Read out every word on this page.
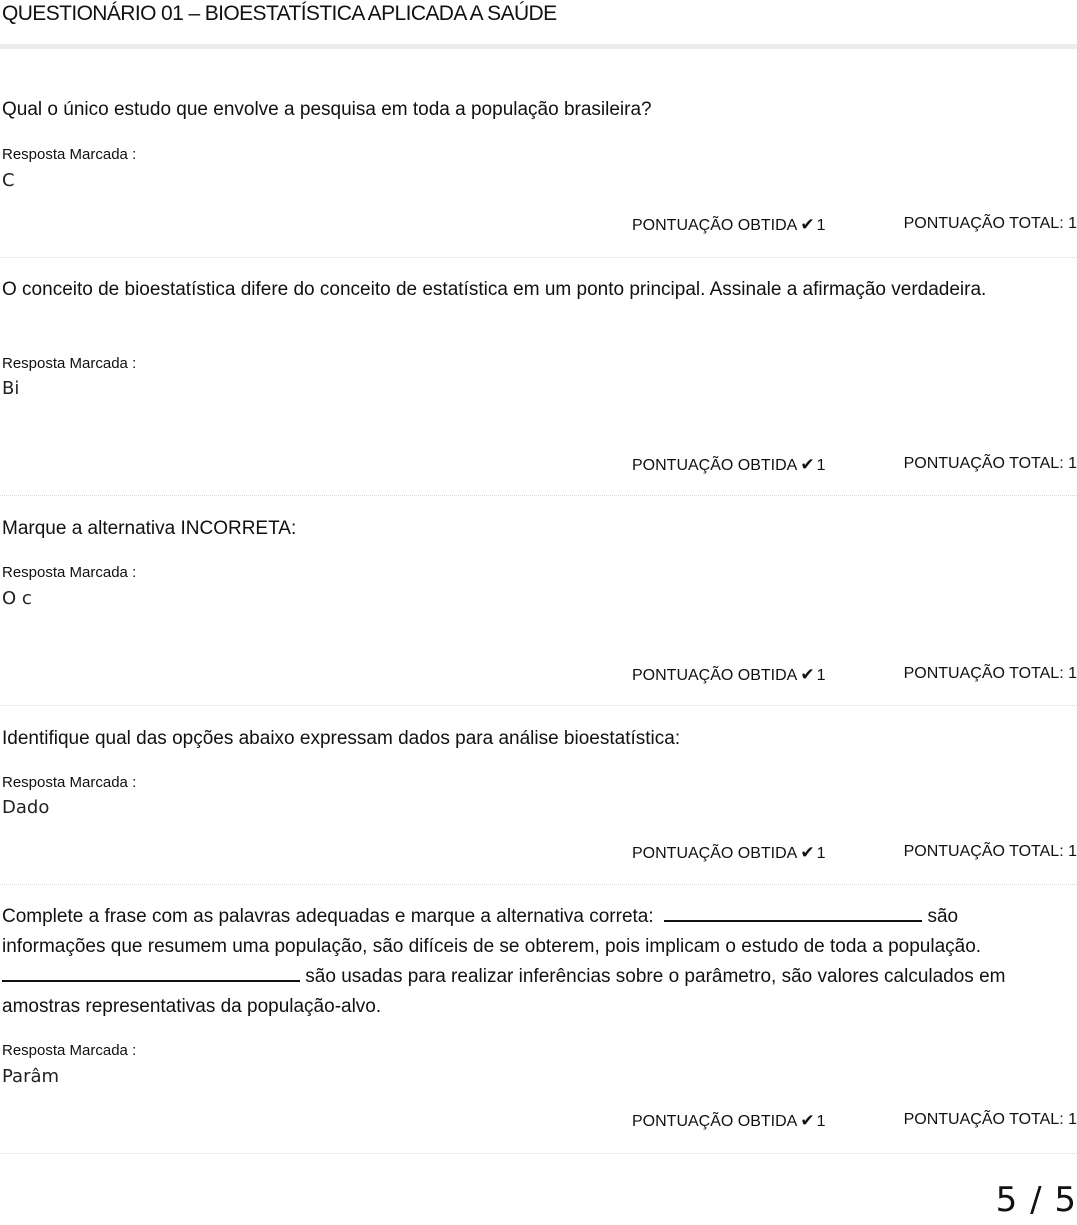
QUESTIONÁRIO 01 – BIOESTATÍSTICA APLICADA A SAÚDE
Qual o único estudo que envolve a pesquisa em toda a população brasileira?
Resposta Marcada :
C
PONTUAÇÃO OBTIDA ✔ 1	PONTUAÇÃO TOTAL: 1
O conceito de bioestatística difere do conceito de estatística em um ponto principal. Assinale a afirmação verdadeira.
Resposta Marcada :
Bi
PONTUAÇÃO OBTIDA ✔ 1	PONTUAÇÃO TOTAL: 1
Marque a alternativa INCORRETA:
Resposta Marcada :
O c
PONTUAÇÃO OBTIDA ✔ 1	PONTUAÇÃO TOTAL: 1
Identifique qual das opções abaixo expressam dados para análise bioestatística:
Resposta Marcada :
Dado
PONTUAÇÃO OBTIDA ✔ 1	PONTUAÇÃO TOTAL: 1
Complete a frase com as palavras adequadas e marque a alternativa correta:	são informações que resumem uma população, são difíceis de se obterem, pois implicam o estudo de toda a população.  são usadas para realizar inferências sobre o parâmetro, são valores calculados em amostras representativas da população-alvo.
Resposta Marcada :
Parâm
PONTUAÇÃO OBTIDA ✔ 1	PONTUAÇÃO TOTAL: 1
5 / 5
